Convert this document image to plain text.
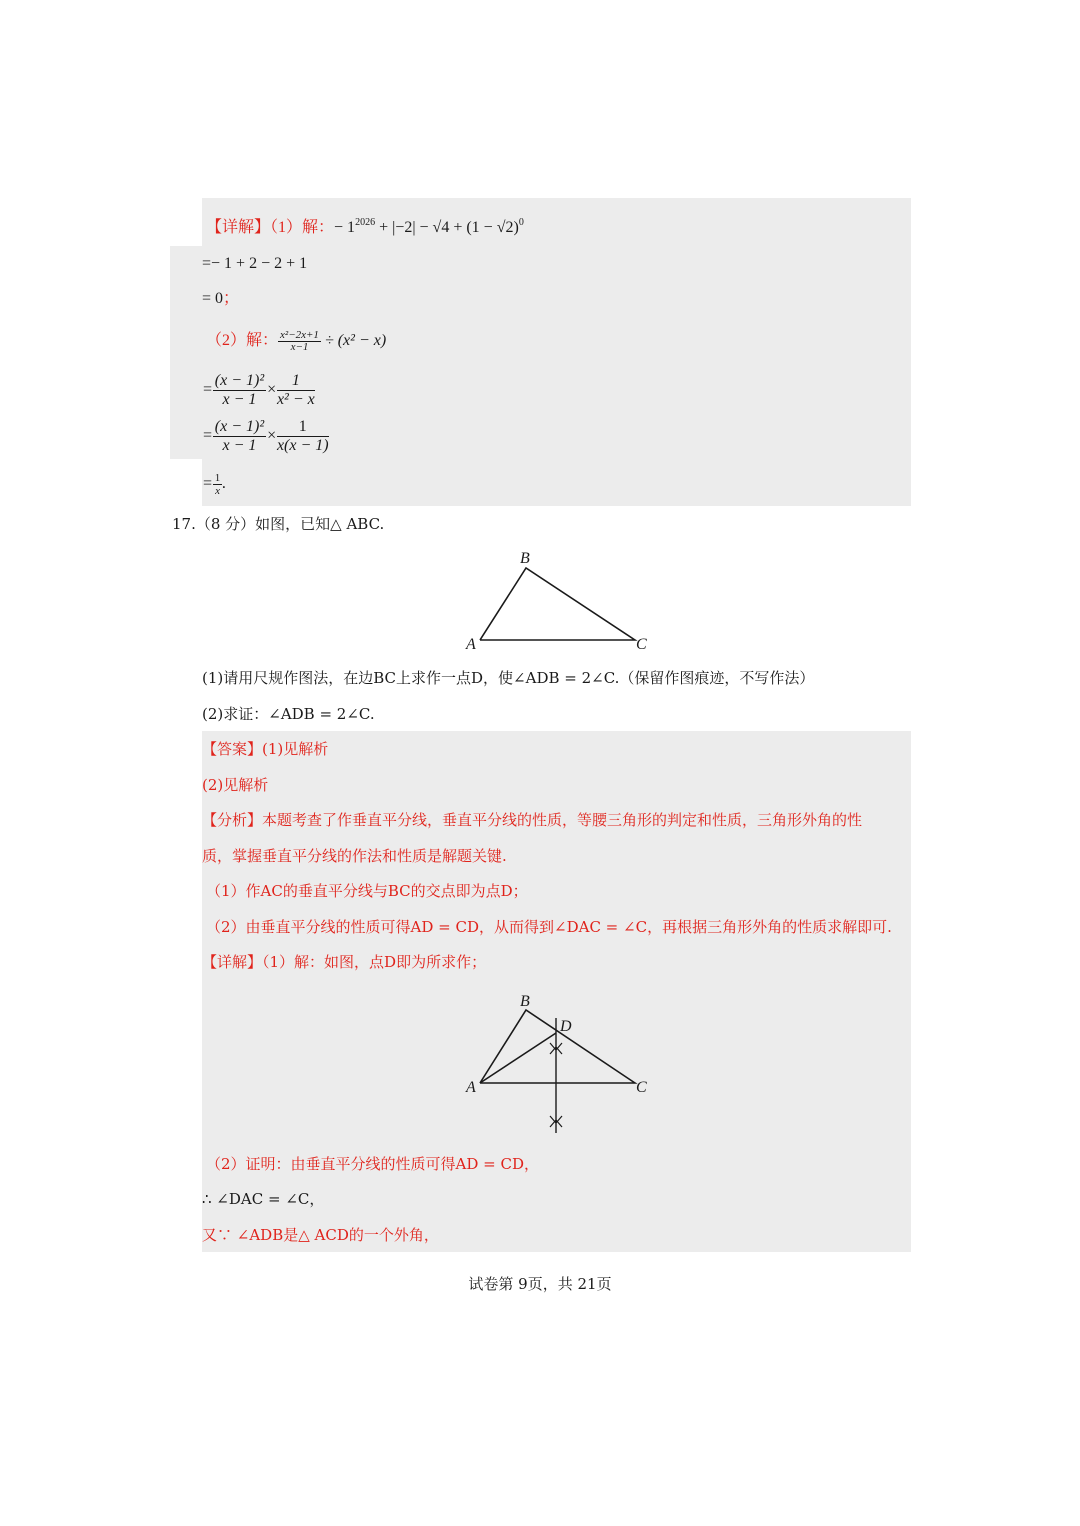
【详解】（1）解：− $1^{2026} + |-2| - √4 + (1 - √2)^0$
=− 1 + 2 − 2 + 1
= 0；
（2）解： $\frac{\text{x²−2x+1}}{x-1} \div (x^2 - x)$
= $\frac{\text{(x − 1)²}}{x - 1} \times \frac{1}{\text{x² − x}}$
= $\frac{\text{(x − 1)²}}{x - 1} \times \frac{1}{x(x - 1)}$
= $\frac{1}{x}$ .
17.（8 分）如图，已知△ ABC.
B
A	C
(1)请用尺规作图法，在边BC上求作一点D，使∠ADB = 2∠C.（保留作图痕迹，不写作法）
(2)求证：∠ADB = 2∠C.
【答案】(1)见解析
(2)见解析
【分析】本题考查了作垂直平分线，垂直平分线的性质，等腰三角形的判定和性质，三角形外角的性
质，掌握垂直平分线的作法和性质是解题关键.
（1）作AC的垂直平分线与BC的交点即为点D；
（2）由垂直平分线的性质可得AD = CD，从而得到∠DAC = ∠C，再根据三角形外角的性质求解即可.
【详解】（1）解：如图，点D即为所求作；
B
D
A	C
（2）证明：由垂直平分线的性质可得AD = CD，
∴ ∠DAC = ∠C，
又∵ ∠ADB是△ ACD的一个外角，
试卷第 9页，共 21页
